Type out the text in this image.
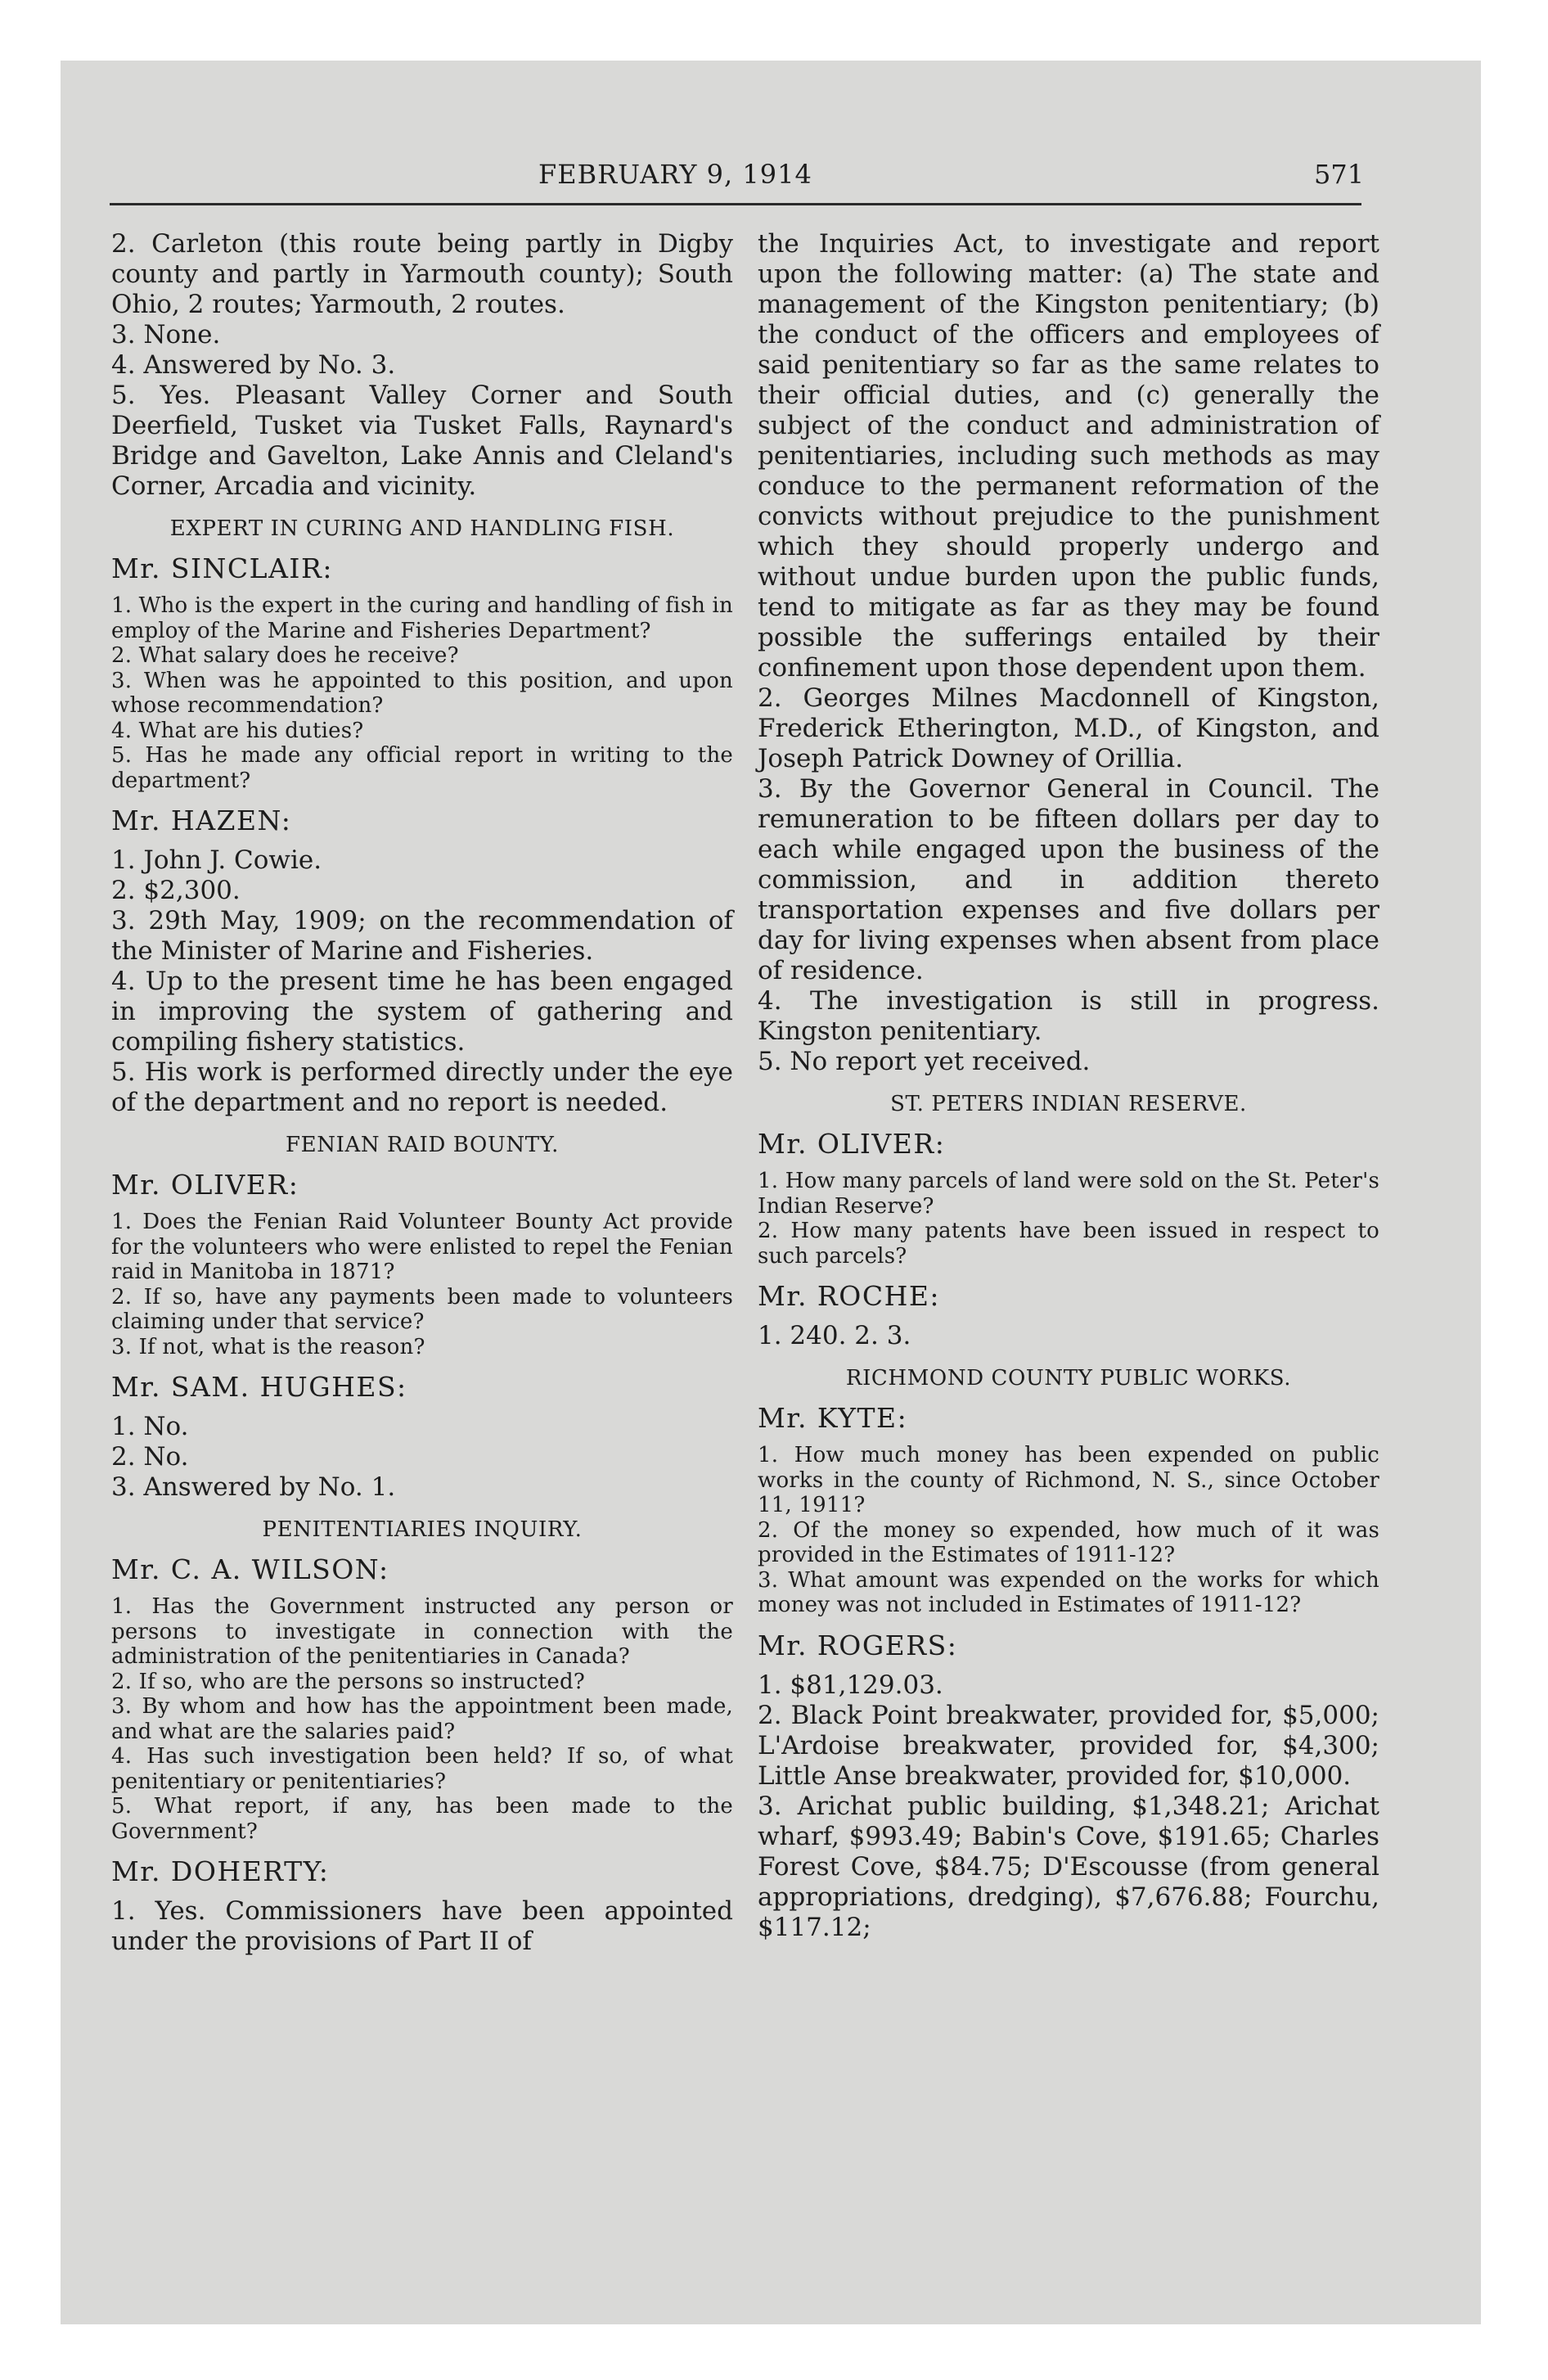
FEBRUARY 9, 1914	571

2. Carleton (this route being partly in Digby county and partly in Yarmouth county); South Ohio, 2 routes; Yarmouth, 2 routes.

3. None.

4. Answered by No. 3.

5. Yes. Pleasant Valley Corner and South Deerfield, Tusket via Tusket Falls, Raynard's Bridge and Gavelton, Lake Annis and Cleland's Corner, Arcadia and vicinity.

EXPERT IN CURING AND HANDLING FISH.
Mr. SINCLAIR:

1. Who is the expert in the curing and handling of fish in employ of the Marine and Fisheries Department?

2. What salary does he receive?

3. When was he appointed to this position, and upon whose recommendation?

4. What are his duties?

5. Has he made any official report in writing to the department?

Mr. HAZEN:

1. John J. Cowie.

2. $2,300.

3. 29th May, 1909; on the recommendation of the Minister of Marine and Fisheries.

4. Up to the present time he has been engaged in improving the system of gathering and compiling fishery statistics.

5. His work is performed directly under the eye of the department and no report is needed.

FENIAN RAID BOUNTY.
Mr. OLIVER:

1. Does the Fenian Raid Volunteer Bounty Act provide for the volunteers who were enlisted to repel the Fenian raid in Manitoba in 1871?

2. If so, have any payments been made to volunteers claiming under that service?

3. If not, what is the reason?

Mr. SAM. HUGHES:

1. No.

2. No.

3. Answered by No. 1.

PENITENTIARIES INQUIRY.
Mr. C. A. WILSON:

1. Has the Government instructed any person or persons to investigate in connection with the administration of the penitentiaries in Canada?

2. If so, who are the persons so instructed?

3. By whom and how has the appointment been made, and what are the salaries paid?

4. Has such investigation been held? If so, of what penitentiary or penitentiaries?

5. What report, if any, has been made to the Government?

Mr. DOHERTY:

1. Yes. Commissioners have been appointed under the provisions of Part II of

the Inquiries Act, to investigate and report upon the following matter: (a) The state and management of the Kingston penitentiary; (b) the conduct of the officers and employees of said penitentiary so far as the same relates to their official duties, and (c) generally the subject of the conduct and administration of penitentiaries, including such methods as may conduce to the permanent reformation of the convicts without prejudice to the punishment which they should properly undergo and without undue burden upon the public funds, tend to mitigate as far as they may be found possible the sufferings entailed by their confinement upon those dependent upon them.

2. Georges Milnes Macdonnell of Kingston, Frederick Etherington, M.D., of Kingston, and Joseph Patrick Downey of Orillia.

3. By the Governor General in Council. The remuneration to be fifteen dollars per day to each while engaged upon the business of the commission, and in addition thereto transportation expenses and five dollars per day for living expenses when absent from place of residence.

4. The investigation is still in progress. Kingston penitentiary.

5. No report yet received.

ST. PETERS INDIAN RESERVE.
Mr. OLIVER:

1. How many parcels of land were sold on the St. Peter's Indian Reserve?

2. How many patents have been issued in respect to such parcels?

Mr. ROCHE:

1. 240. 2. 3.

RICHMOND COUNTY PUBLIC WORKS.
Mr. KYTE:

1. How much money has been expended on public works in the county of Richmond, N. S., since October 11, 1911?

2. Of the money so expended, how much of it was provided in the Estimates of 1911-12?

3. What amount was expended on the works for which money was not included in Estimates of 1911-12?

Mr. ROGERS:

1. $81,129.03.

2. Black Point breakwater, provided for, $5,000; L'Ardoise breakwater, provided for, $4,300; Little Anse breakwater, provided for, $10,000.

3. Arichat public building, $1,348.21; Arichat wharf, $993.49; Babin's Cove, $191.65; Charles Forest Cove, $84.75; D'Escousse (from general appropriations, dredging), $7,676.88; Fourchu, $117.12;
